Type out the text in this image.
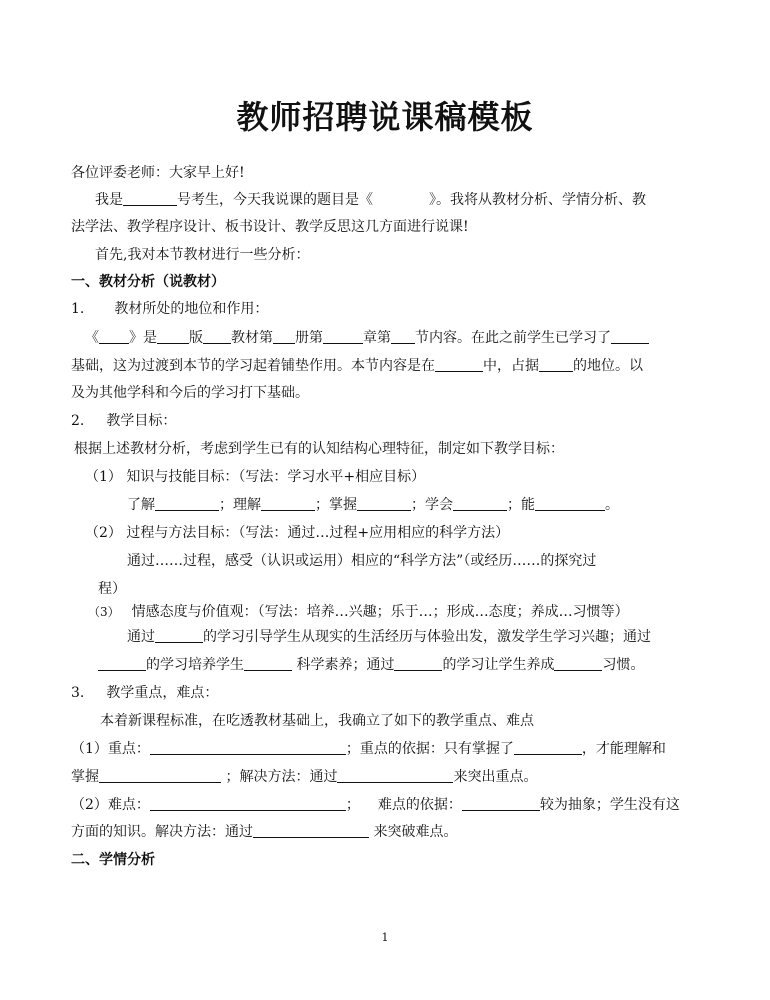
教师招聘说课稿模板
各位评委老师：大家早上好!
我是	号考生，今天我说课的题目是《	》。我将从教材分析、学情分析、教
法学法、教学程序设计、板书设计、教学反思这几方面进行说课!
首先,我对本节教材进行一些分析：
一、教材分析（说教材）
1. 教材所处的地位和作用：
《 》是 版 教材第 册第	章第 节内容。在此之前学生已学习了
基础，这为过渡到本节的学习起着铺垫作用。本节内容是在	中，占据 的地位。以
及为其他学科和今后的学习打下基础。
2. 教学目标：
根据上述教材分析，考虑到学生已有的认知结构心理特征，制定如下教学目标：
（1） 知识与技能目标：（写法：学习水平+相应目标）
了解	；理解	；掌握	；学会	；能	。
（2） 过程与方法目标：（写法：通过…过程+应用相应的科学方法）
通过……过程，感受（认识或运用）相应的“科学方法”（或经历……的探究过
程）
（3） 情感态度与价值观：（写法：培养…兴趣；乐于…；形成…态度；养成…习惯等）
通过	的学习引导学生从现实的生活经历与体验出发，激发学生学习兴趣；通过
的学习培养学生	科学素养；通过	的学习让学生养成	习惯。
3. 教学重点，难点：
本着新课程标准，在吃透教材基础上，我确立了如下的教学重点、难点
（1）重点：	；重点的依据：只有掌握了	，才能理解和
掌握	；解决方法：通过	来突出重点。
（2）难点：	； 难点的依据：	较为抽象；学生没有这
方面的知识。解决方法：通过	来突破难点。
二、学情分析
1
